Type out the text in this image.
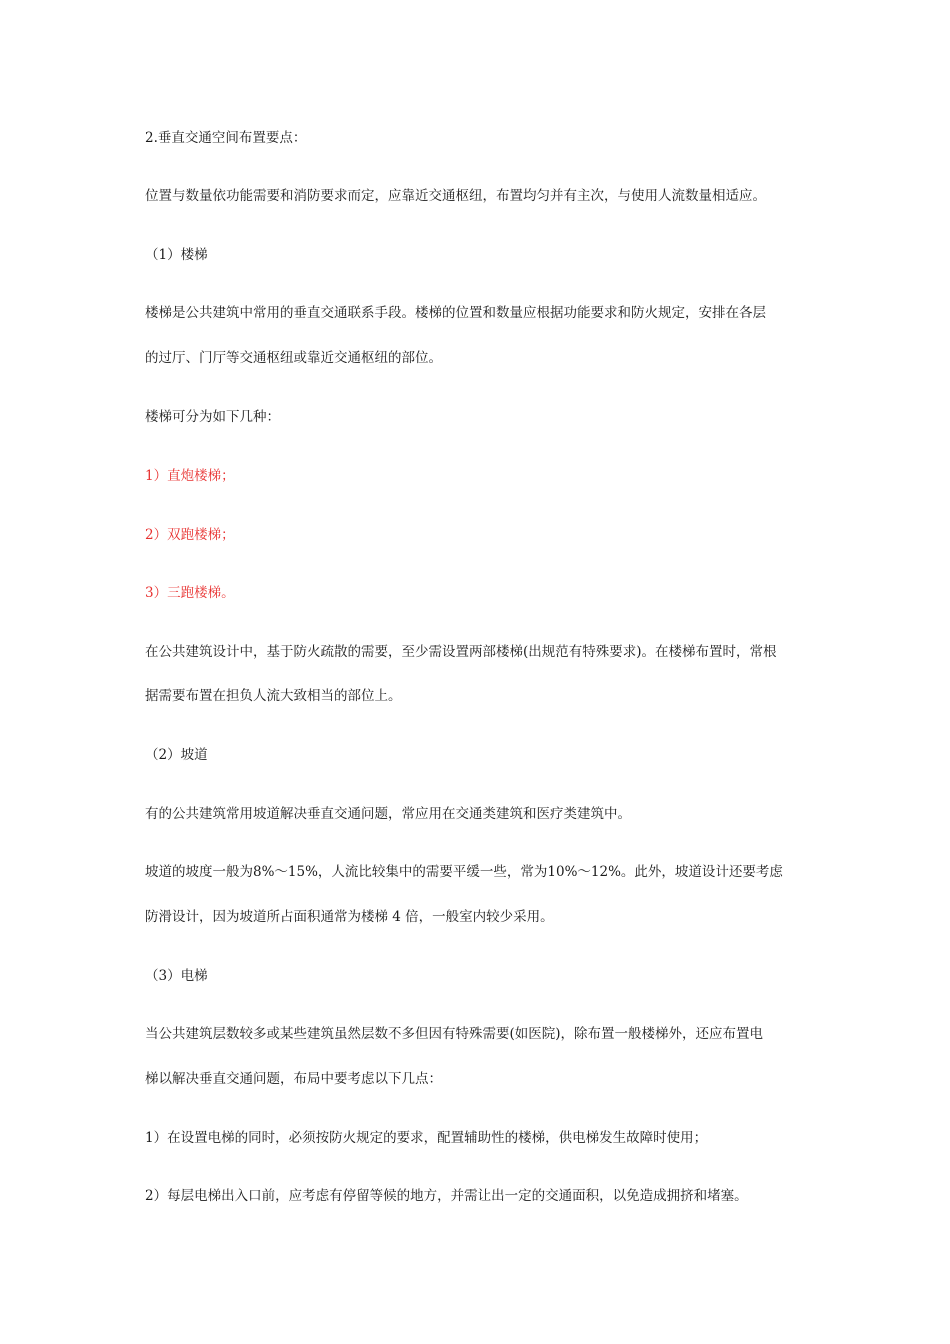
2.垂直交通空间布置要点：
位置与数量依功能需要和消防要求而定，应靠近交通枢纽，布置均匀并有主次，与使用人流数量相适应。
（1）楼梯
楼梯是公共建筑中常用的垂直交通联系手段。楼梯的位置和数量应根据功能要求和防火规定，安排在各层
的过厅、门厅等交通枢纽或靠近交通枢纽的部位。
楼梯可分为如下几种：
1）直炮楼梯；
2）双跑楼梯；
3）三跑楼梯。
在公共建筑设计中，基于防火疏散的需要，至少需设置两部楼梯(出规范有特殊要求)。在楼梯布置时，常根
据需要布置在担负人流大致相当的部位上。
（2）坡道
有的公共建筑常用坡道解决垂直交通问题，常应用在交通类建筑和医疗类建筑中。
坡道的坡度一般为8%～15%，人流比较集中的需要平缓一些，常为10%～12%。此外，坡道设计还要考虑
防滑设计，因为坡道所占面积通常为楼梯 4 倍，一般室内较少采用。
（3）电梯
当公共建筑层数较多或某些建筑虽然层数不多但因有特殊需要(如医院)，除布置一般楼梯外，还应布置电
梯以解决垂直交通问题，布局中要考虑以下几点：
1）在设置电梯的同时，必须按防火规定的要求，配置辅助性的楼梯，供电梯发生故障时使用；
2）每层电梯出入口前，应考虑有停留等候的地方，并需让出一定的交通面积，以免造成拥挤和堵塞。
